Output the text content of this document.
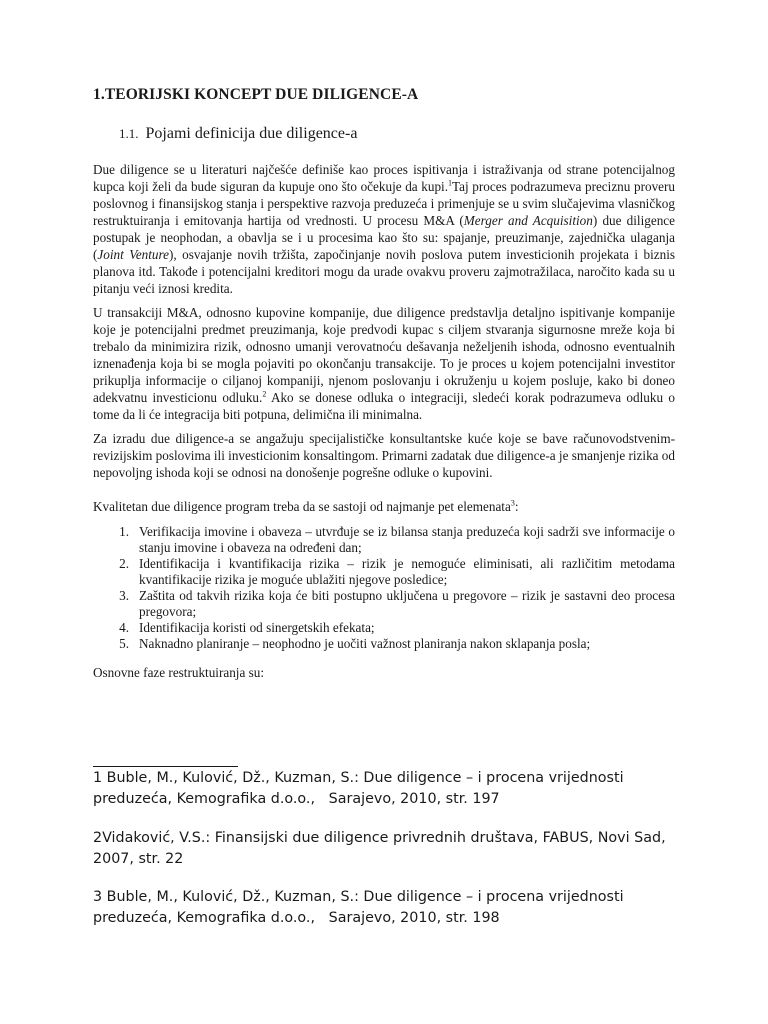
1.TEORIJSKI KONCEPT DUE DILIGENCE-A
1.1. Pojami definicija due diligence-a

Due diligence se u literaturi najčešće definiše kao proces ispitivanja i istraživanja od strane potencijalnog kupca koji želi da bude siguran da kupuje ono što očekuje da kupi.$^1$Taj proces podrazumeva preciznu proveru poslovnog i finansijskog stanja i perspektive razvoja preduzeća i primenjuje se u svim slučajevima vlasničkog restruktuiranja i emitovanja hartija od vrednosti. U procesu M&A (Merger and Acquisition) due diligence postupak je neophodan, a obavlja se i u procesima kao što su: spajanje, preuzimanje, zajednička ulaganja (Joint Venture), osvajanje novih tržišta, započinjanje novih poslova putem investicionih projekata i biznis planova itd. Takođe i potencijalni kreditori mogu da urade ovakvu proveru zajmotražilaca, naročito kada su u pitanju veći iznosi kredita.

U transakciji M&A, odnosno kupovine kompanije, due diligence predstavlja detaljno ispitivanje kompanije koje je potencijalni predmet preuzimanja, koje predvodi kupac s ciljem stvaranja sigurnosne mreže koja bi trebalo da minimizira rizik, odnosno umanji verovatnoću dešavanja neželjenih ishoda, odnosno eventualnih iznenađenja koja bi se mogla pojaviti po okončanju transakcije. To je proces u kojem potencijalni investitor prikuplja informacije o ciljanoj kompaniji, njenom poslovanju i okruženju u kojem posluje, kako bi doneo adekvatnu investicionu odluku.$^2$ Ako se donese odluka o integraciji, sledeći korak podrazumeva odluku o tome da li će integracija biti potpuna, delimična ili minimalna.

Za izradu due diligence-a se angažuju specijalističke konsultantske kuće koje se bave računovodstvenim-revizijskim poslovima ili investicionim konsaltingom. Primarni zadatak due diligence-a je smanjenje rizika od nepovoljng ishoda koji se odnosi na donošenje pogrešne odluke o kupovini.

Kvalitetan due diligence program treba da se sastoji od najmanje pet elemenata$^3$:

1. Verifikacija imovine i obaveza – utvrđuje se iz bilansa stanja preduzeća koji sadrži sve informacije o stanju imovine i obaveza na određeni dan;
2. Identifikacija i kvantifikacija rizika – rizik je nemoguće eliminisati, ali različitim metodama kvantifikacije rizika je moguće ublažiti njegove posledice;
3. Zaštita od takvih rizika koja će biti postupno uključena u pregovore – rizik je sastavni deo procesa pregovora;
4. Identifikacija koristi od sinergetskih efekata;
5. Naknadno planiranje – neophodno je uočiti važnost planiranja nakon sklapanja posla;

Osnovne faze restruktuiranja su:

1 Buble, M., Kulović, Dž., Kuzman, S.: Due diligence – i procena vrijednosti preduzeća, Kemografika d.o.o.,   Sarajevo, 2010, str. 197
2Vidaković, V.S.: Finansijski due diligence privrednih društava, FABUS, Novi Sad, 2007, str. 22
3 Buble, M., Kulović, Dž., Kuzman, S.: Due diligence – i procena vrijednosti preduzeća, Kemografika d.o.o.,   Sarajevo, 2010, str. 198
